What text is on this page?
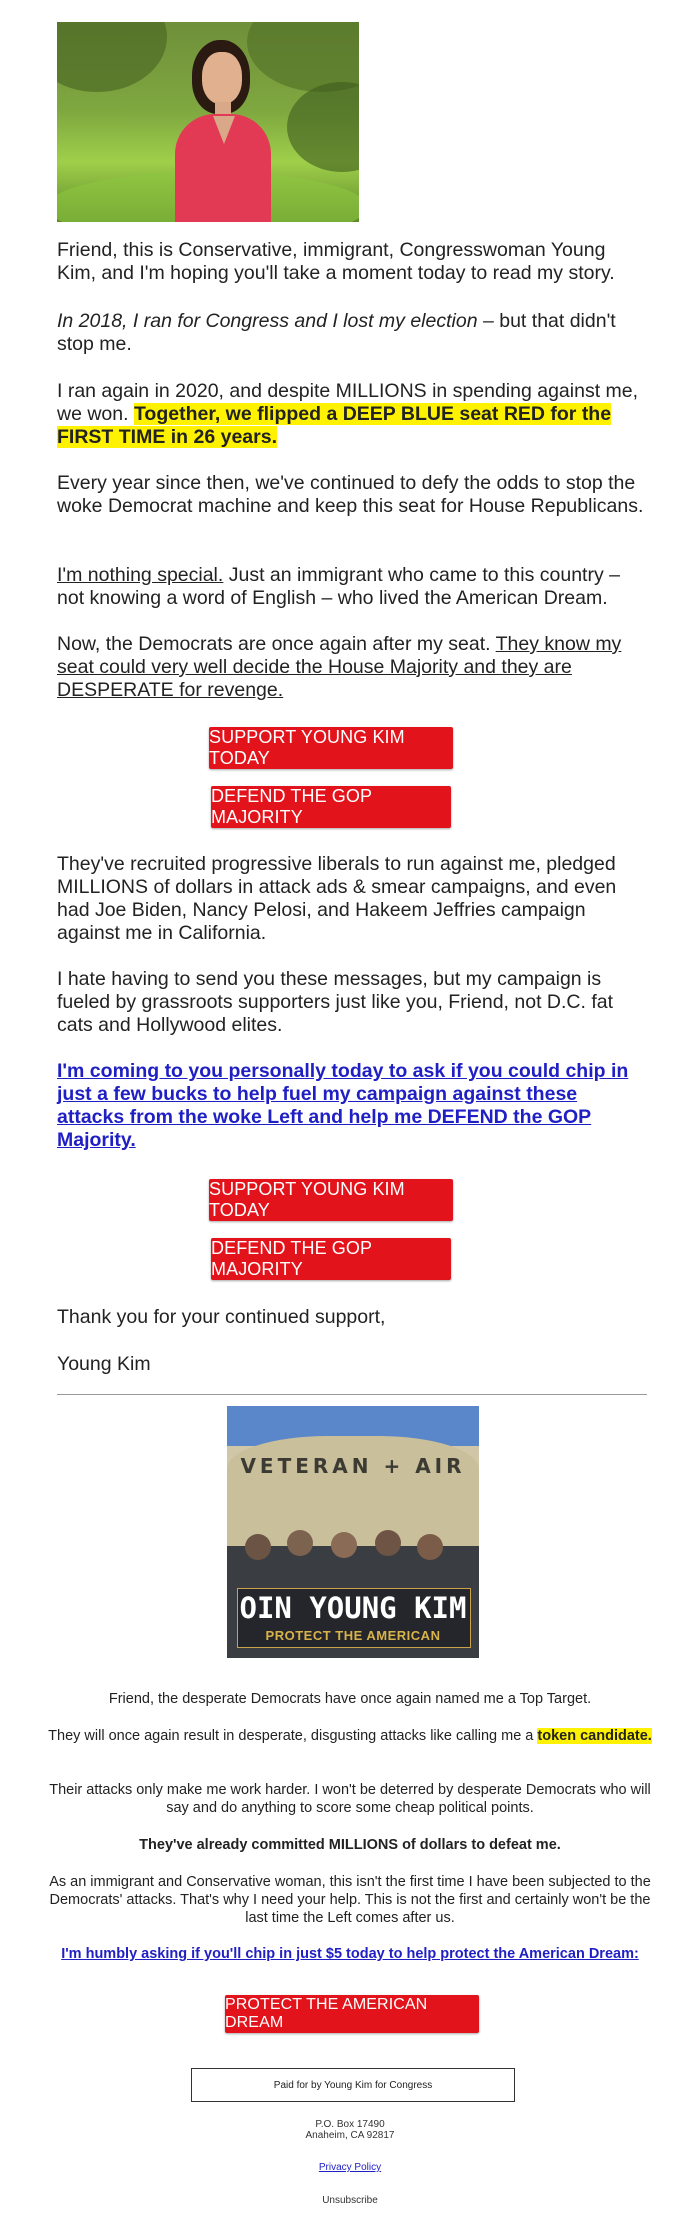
Friend, this is Conservative, immigrant, Congresswoman Young Kim, and I'm hoping you'll take a moment today to read my story.

In 2018, I ran for Congress and I lost my election – but that didn't stop me.

I ran again in 2020, and despite MILLIONS in spending against me, we won. Together, we flipped a DEEP BLUE seat RED for the FIRST TIME in 26 years.

Every year since then, we've continued to defy the odds to stop the woke Democrat machine and keep this seat for House Republicans.

I'm nothing special. Just an immigrant who came to this country – not knowing a word of English – who lived the American Dream.

Now, the Democrats are once again after my seat. They know my seat could very well decide the House Majority and they are DESPERATE for revenge.

SUPPORT YOUNG KIM TODAY
DEFEND THE GOP MAJORITY

They've recruited progressive liberals to run against me, pledged MILLIONS of dollars in attack ads & smear campaigns, and even had Joe Biden, Nancy Pelosi, and Hakeem Jeffries campaign against me in California.

I hate having to send you these messages, but my campaign is fueled by grassroots supporters just like you, Friend, not D.C. fat cats and Hollywood elites.

I'm coming to you personally today to ask if you could chip in just a few bucks to help fuel my campaign against these attacks from the woke Left and help me DEFEND the GOP Majority.

SUPPORT YOUNG KIM TODAY
DEFEND THE GOP MAJORITY

Thank you for your continued support,

Young Kim

VETERAN + AIR
OIN YOUNG KIM
PROTECT THE AMERICAN

Friend, the desperate Democrats have once again named me a Top Target.

They will once again result in desperate, disgusting attacks like calling me a token candidate.

Their attacks only make me work harder. I won't be deterred by desperate Democrats who will say and do anything to score some cheap political points.

They've already committed MILLIONS of dollars to defeat me.

As an immigrant and Conservative woman, this isn't the first time I have been subjected to the Democrats' attacks. That's why I need your help. This is not the first and certainly won't be the last time the Left comes after us.

I'm humbly asking if you'll chip in just $5 today to help protect the American Dream:

PROTECT THE AMERICAN DREAM
Paid for by Young Kim for Congress

P.O. Box 17490

Anaheim, CA 92817

Privacy Policy

Unsubscribe
